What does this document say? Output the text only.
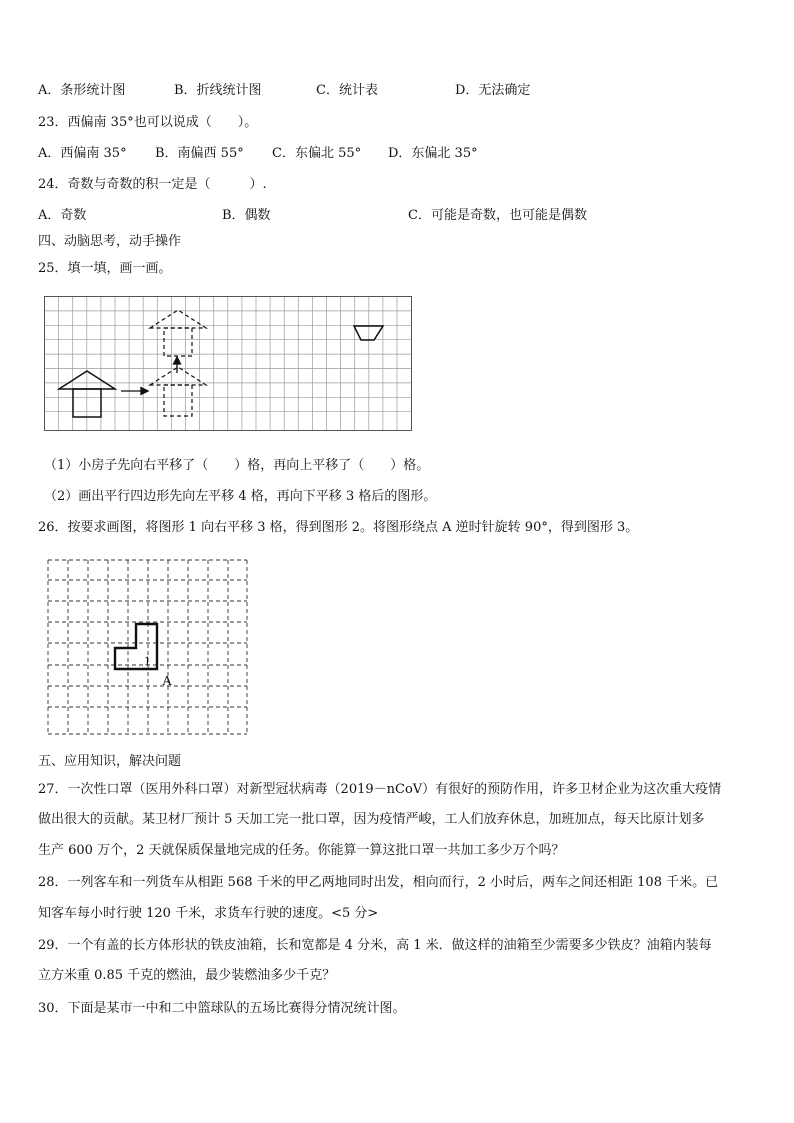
A．条形统计图	B．折线统计图	C．统计表	D．无法确定
23．西偏南 35°也可以说成（　　）。
A．西偏南 35° B．南偏西 55° C．东偏北 55° D．东偏北 35°
24．奇数与奇数的积一定是（　　　）.
A．奇数	B．偶数	C．可能是奇数，也可能是偶数
四、动脑思考，动手操作
25．填一填，画一画。
（1）小房子先向右平移了（　　）格，再向上平移了（　　）格。
（2）画出平行四边形先向左平移 4 格，再向下平移 3 格后的图形。
26．按要求画图，将图形 1 向右平移 3 格，得到图形 2。将图形绕点 A 逆时针旋转 90°，得到图形 3。
1
A
五、应用知识，解决问题
27．一次性口罩（医用外科口罩）对新型冠状病毒（2019－nCoV）有很好的预防作用，许多卫材企业为这次重大疫情
做出很大的贡献。某卫材厂预计 5 天加工完一批口罩，因为疫情严峻，工人们放弃休息，加班加点，每天比原计划多
生产 600 万个，2 天就保质保量地完成的任务。你能算一算这批口罩一共加工多少万个吗？
28．一列客车和一列货车从相距 568 千米的甲乙两地同时出发，相向而行，2 小时后，两车之间还相距 108 千米。已
知客车每小时行驶 120 千米，求货车行驶的速度。<5 分>
29．一个有盖的长方体形状的铁皮油箱，长和宽都是 4 分米，高 1 米．做这样的油箱至少需要多少铁皮？油箱内装每
立方米重 0.85 千克的燃油，最少装燃油多少千克？
30．下面是某市一中和二中篮球队的五场比赛得分情况统计图。
